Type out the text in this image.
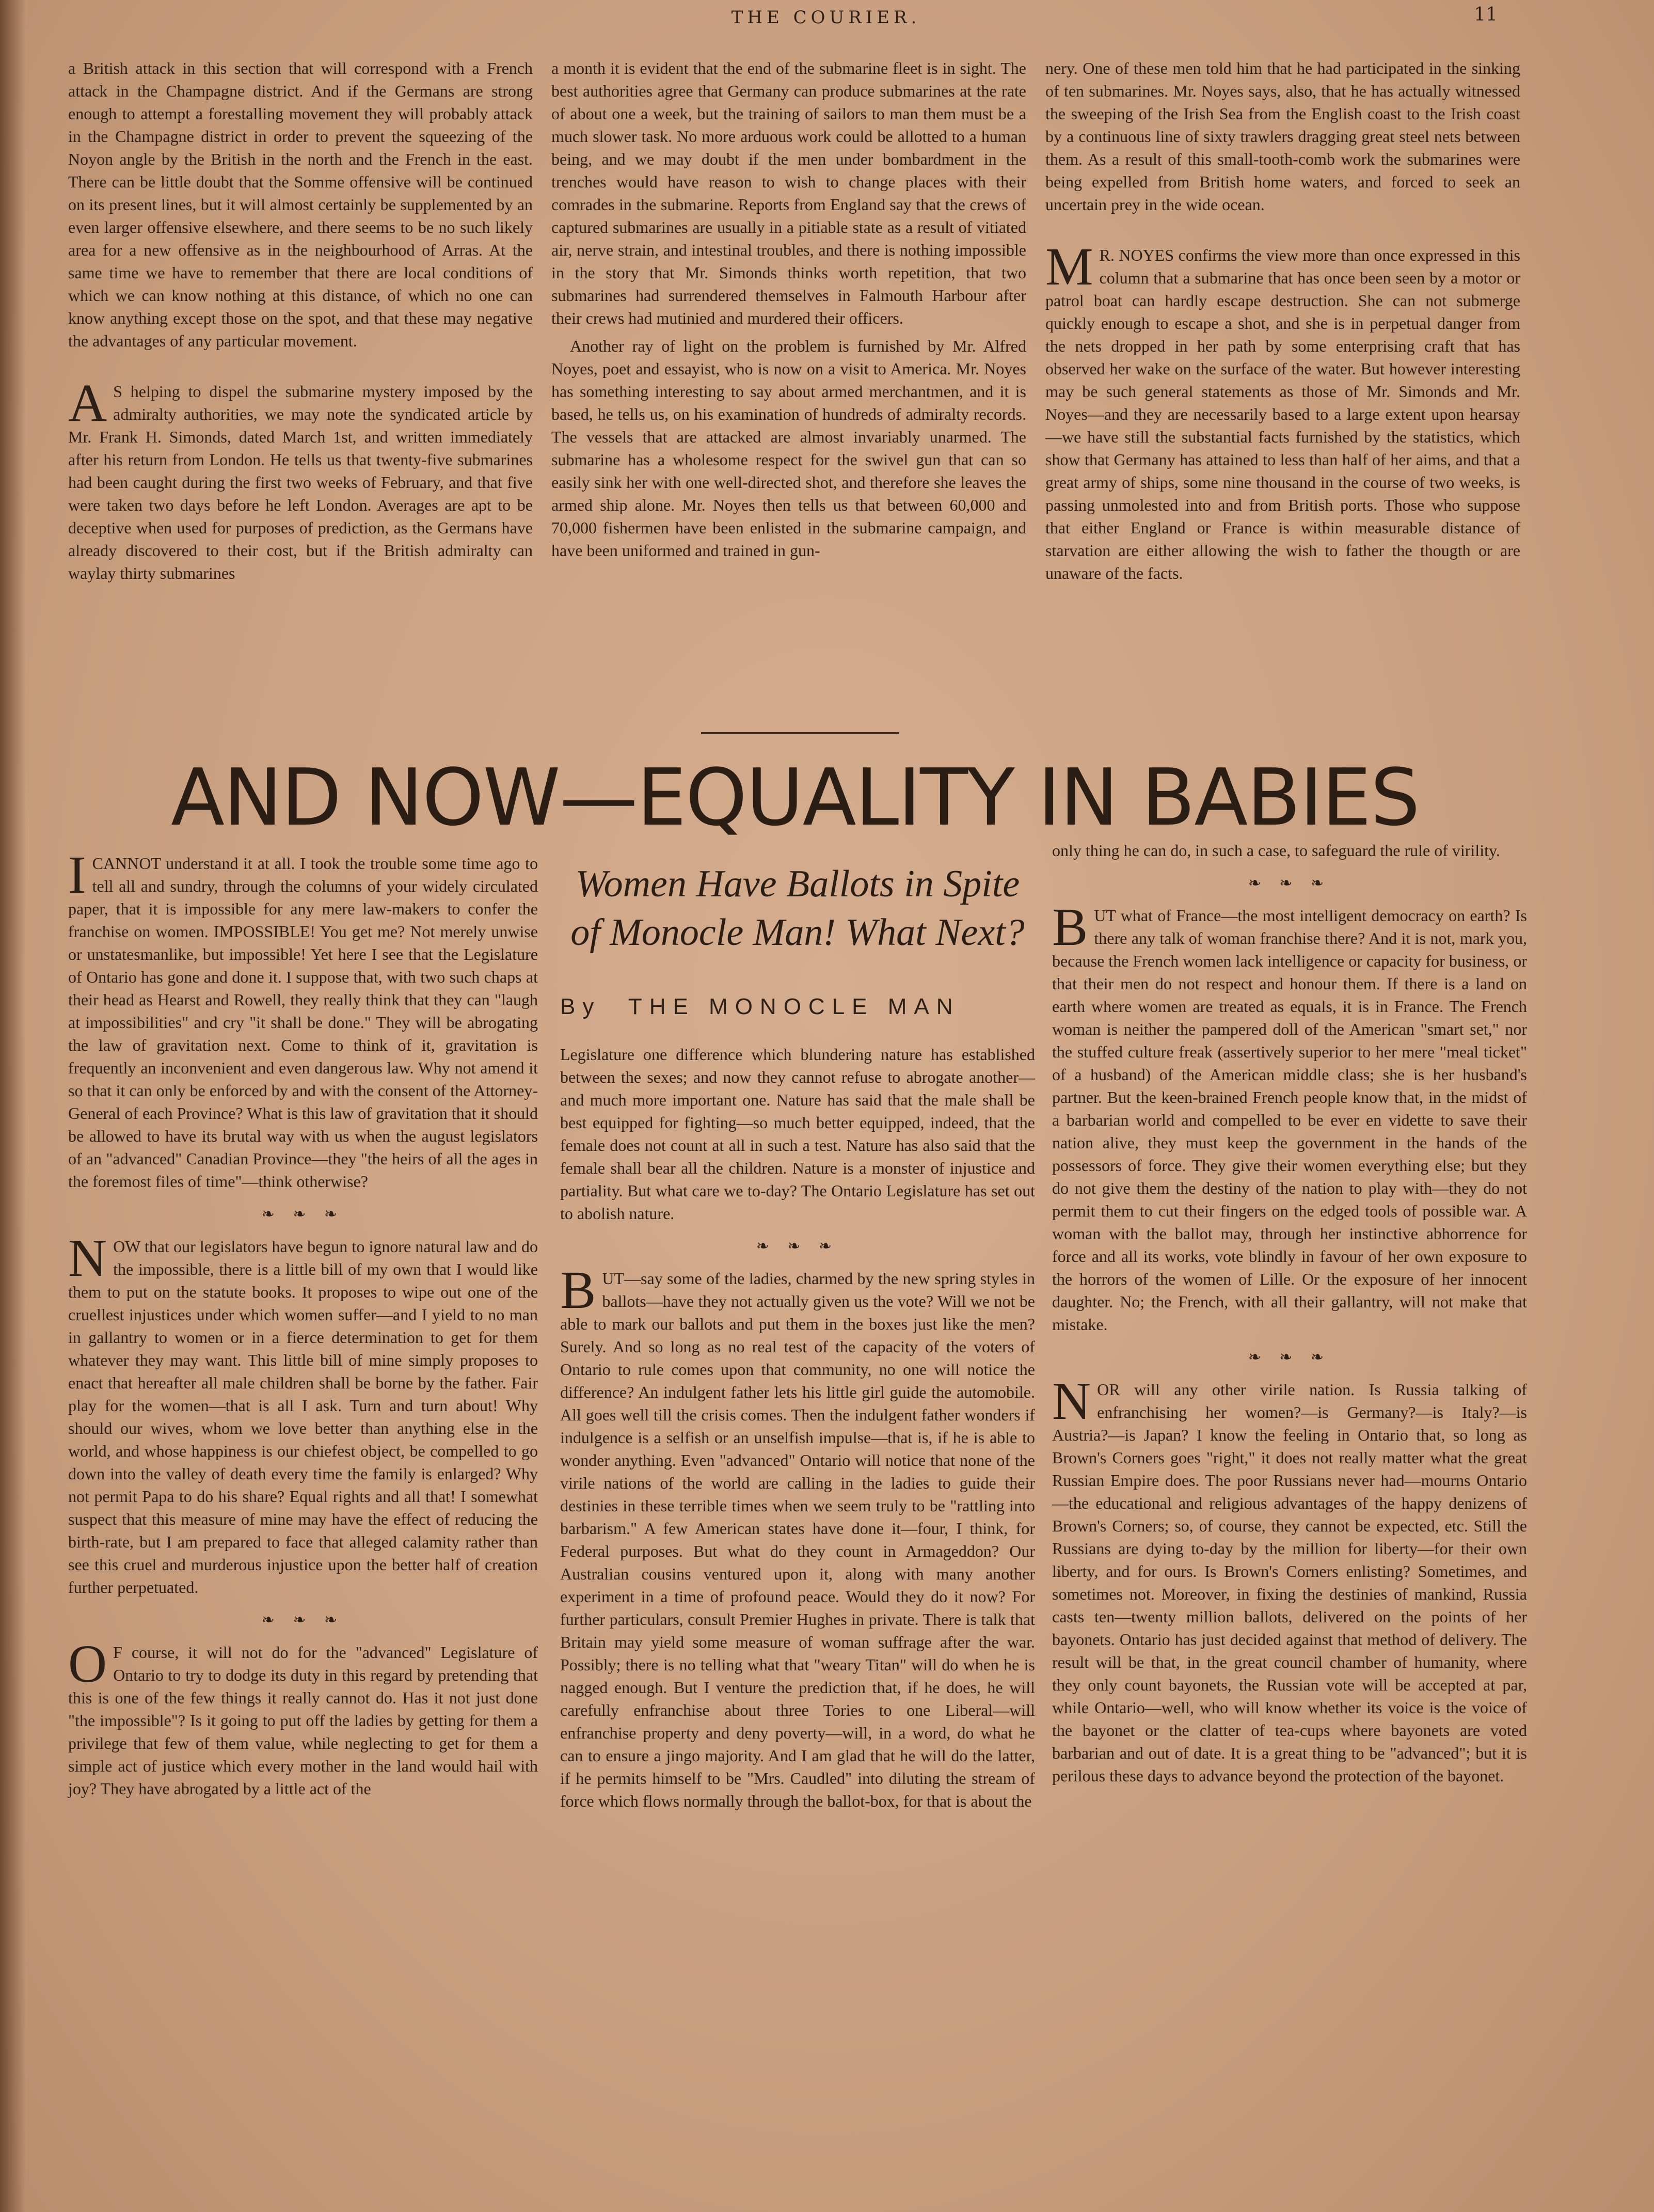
THE COURIER.	11

a British attack in this section that will correspond with a French attack in the Champagne district. And if the Germans are strong enough to attempt a forestalling movement they will probably attack in the Champagne district in order to prevent the squeezing of the Noyon angle by the British in the north and the French in the east. There can be little doubt that the Somme offensive will be continued on its present lines, but it will almost certainly be supplemented by an even larger offensive elsewhere, and there seems to be no such likely area for a new offensive as in the neighbourhood of Arras. At the same time we have to remember that there are local conditions of which we can know nothing at this distance, of which no one can know anything except those on the spot, and that these may negative the advantages of any particular movement.

A S helping to dispel the submarine mystery imposed by the admiralty authorities, we may note the syndicated article by Mr. Frank H. Simonds, dated March 1st, and written immediately after his return from London. He tells us that twenty-five submarines had been caught during the first two weeks of February, and that five were taken two days before he left London. Averages are apt to be deceptive when used for purposes of prediction, as the Germans have already discovered to their cost, but if the British admiralty can waylay thirty submarines

a month it is evident that the end of the submarine fleet is in sight. The best authorities agree that Germany can produce submarines at the rate of about one a week, but the training of sailors to man them must be a much slower task. No more arduous work could be allotted to a human being, and we may doubt if the men under bombardment in the trenches would have reason to wish to change places with their comrades in the submarine. Reports from England say that the crews of captured submarines are usually in a pitiable state as a result of vitiated air, nerve strain, and intestinal troubles, and there is nothing impossible in the story that Mr. Simonds thinks worth repetition, that two submarines had surrendered themselves in Falmouth Harbour after their crews had mutinied and murdered their officers.

Another ray of light on the problem is furnished by Mr. Alfred Noyes, poet and essayist, who is now on a visit to America. Mr. Noyes has something interesting to say about armed merchantmen, and it is based, he tells us, on his examination of hundreds of admiralty records. The vessels that are attacked are almost invariably unarmed. The submarine has a wholesome respect for the swivel gun that can so easily sink her with one well-directed shot, and therefore she leaves the armed ship alone. Mr. Noyes then tells us that between 60,000 and 70,000 fishermen have been enlisted in the submarine campaign, and have been uniformed and trained in gun-

nery. One of these men told him that he had participated in the sinking of ten submarines. Mr. Noyes says, also, that he has actually witnessed the sweeping of the Irish Sea from the English coast to the Irish coast by a continuous line of sixty trawlers dragging great steel nets between them. As a result of this small-tooth-comb work the submarines were being expelled from British home waters, and forced to seek an uncertain prey in the wide ocean.

M R. NOYES confirms the view more than once expressed in this column that a submarine that has once been seen by a motor or patrol boat can hardly escape destruction. She can not submerge quickly enough to escape a shot, and she is in perpetual danger from the nets dropped in her path by some enterprising craft that has observed her wake on the surface of the water. But however interesting may be such general statements as those of Mr. Simonds and Mr. Noyes—and they are necessarily based to a large extent upon hearsay—we have still the substantial facts furnished by the statistics, which show that Germany has attained to less than half of her aims, and that a great army of ships, some nine thousand in the course of two weeks, is passing unmolested into and from British ports. Those who suppose that either England or France is within measurable distance of starvation are either allowing the wish to father the thougth or are unaware of the facts.

AND NOW—EQUALITY IN BABIES

ICANNOT understand it at all. I took the trouble some time ago to tell all and sundry, through the columns of your widely circulated paper, that it is impossible for any mere law-makers to confer the franchise on women. IMPOSSIBLE! You get me? Not merely unwise or unstatesmanlike, but impossible! Yet here I see that the Legislature of Ontario has gone and done it. I suppose that, with two such chaps at their head as Hearst and Rowell, they really think that they can "laugh at impossibilities" and cry "it shall be done." They will be abrogating the law of gravitation next. Come to think of it, gravitation is frequently an inconvenient and even dangerous law. Why not amend it so that it can only be enforced by and with the consent of the Attorney-General of each Province? What is this law of gravitation that it should be allowed to have its brutal way with us when the august legislators of an "advanced" Canadian Province—they "the heirs of all the ages in the foremost files of time"—think otherwise?

❧ ❧ ❧

NOW that our legislators have begun to ignore natural law and do the impossible, there is a little bill of my own that I would like them to put on the statute books. It proposes to wipe out one of the cruellest injustices under which women suffer—and I yield to no man in gallantry to women or in a fierce determination to get for them whatever they may want. This little bill of mine simply proposes to enact that hereafter all male children shall be borne by the father. Fair play for the women—that is all I ask. Turn and turn about! Why should our wives, whom we love better than anything else in the world, and whose happiness is our chiefest object, be compelled to go down into the valley of death every time the family is enlarged? Why not permit Papa to do his share? Equal rights and all that! I somewhat suspect that this measure of mine may have the effect of reducing the birth-rate, but I am prepared to face that alleged calamity rather than see this cruel and murderous injustice upon the better half of creation further perpetuated.

❧ ❧ ❧

O F course, it will not do for the "advanced" Legislature of Ontario to try to dodge its duty in this regard by pretending that this is one of the few things it really cannot do. Has it not just done "the impossible"? Is it going to put off the ladies by getting for them a privilege that few of them value, while neglecting to get for them a simple act of justice which every mother in the land would hail with joy? They have abrogated by a little act of the

Women Have Ballots in Spite of Monocle Man! What Next?
By THE MONOCLE MAN

Legislature one difference which blundering nature has established between the sexes; and now they cannot refuse to abrogate another—and much more important one. Nature has said that the male shall be best equipped for fighting—so much better equipped, indeed, that the female does not count at all in such a test. Nature has also said that the female shall bear all the children. Nature is a monster of injustice and partiality. But what care we to-day? The Ontario Legislature has set out to abolish nature.

❧ ❧ ❧

BUT—say some of the ladies, charmed by the new spring styles in ballots—have they not actually given us the vote? Will we not be able to mark our ballots and put them in the boxes just like the men? Surely. And so long as no real test of the capacity of the voters of Ontario to rule comes upon that community, no one will notice the difference? An indulgent father lets his little girl guide the automobile. All goes well till the crisis comes. Then the indulgent father wonders if indulgence is a selfish or an unselfish impulse—that is, if he is able to wonder anything. Even "advanced" Ontario will notice that none of the virile nations of the world are calling in the ladies to guide their destinies in these terrible times when we seem truly to be "rattling into barbarism." A few American states have done it—four, I think, for Federal purposes. But what do they count in Armageddon? Our Australian cousins ventured upon it, along with many another experiment in a time of profound peace. Would they do it now? For further particulars, consult Premier Hughes in private. There is talk that Britain may yield some measure of woman suffrage after the war. Possibly; there is no telling what that "weary Titan" will do when he is nagged enough. But I venture the prediction that, if he does, he will carefully enfranchise about three Tories to one Liberal—will enfranchise property and deny poverty—will, in a word, do what he can to ensure a jingo majority. And I am glad that he will do the latter, if he permits himself to be "Mrs. Caudled" into diluting the stream of force which flows normally through the ballot-box, for that is about the

only thing he can do, in such a case, to safeguard the rule of virility.

❧ ❧ ❧

BUT what of France—the most intelligent democracy on earth? Is there any talk of woman franchise there? And it is not, mark you, because the French women lack intelligence or capacity for business, or that their men do not respect and honour them. If there is a land on earth where women are treated as equals, it is in France. The French woman is neither the pampered doll of the American "smart set," nor the stuffed culture freak (assertively superior to her mere "meal ticket" of a husband) of the American middle class; she is her husband's partner. But the keen-brained French people know that, in the midst of a barbarian world and compelled to be ever en vidette to save their nation alive, they must keep the government in the hands of the possessors of force. They give their women everything else; but they do not give them the destiny of the nation to play with—they do not permit them to cut their fingers on the edged tools of possible war. A woman with the ballot may, through her instinctive abhorrence for force and all its works, vote blindly in favour of her own exposure to the horrors of the women of Lille. Or the exposure of her innocent daughter. No; the French, with all their gallantry, will not make that mistake.

❧ ❧ ❧

NOR will any other virile nation. Is Russia talking of enfranchising her women?—is Germany?—is Italy?—is Austria?—is Japan? I know the feeling in Ontario that, so long as Brown's Corners goes "right," it does not really matter what the great Russian Empire does. The poor Russians never had—mourns Ontario—the educational and religious advantages of the happy denizens of Brown's Corners; so, of course, they cannot be expected, etc. Still the Russians are dying to-day by the million for liberty—for their own liberty, and for ours. Is Brown's Corners enlisting? Sometimes, and sometimes not. Moreover, in fixing the destinies of mankind, Russia casts ten—twenty million ballots, delivered on the points of her bayonets. Ontario has just decided against that method of delivery. The result will be that, in the great council chamber of humanity, where they only count bayonets, the Russian vote will be accepted at par, while Ontario—well, who will know whether its voice is the voice of the bayonet or the clatter of tea-cups where bayonets are voted barbarian and out of date. It is a great thing to be "advanced"; but it is perilous these days to advance beyond the protection of the bayonet.
